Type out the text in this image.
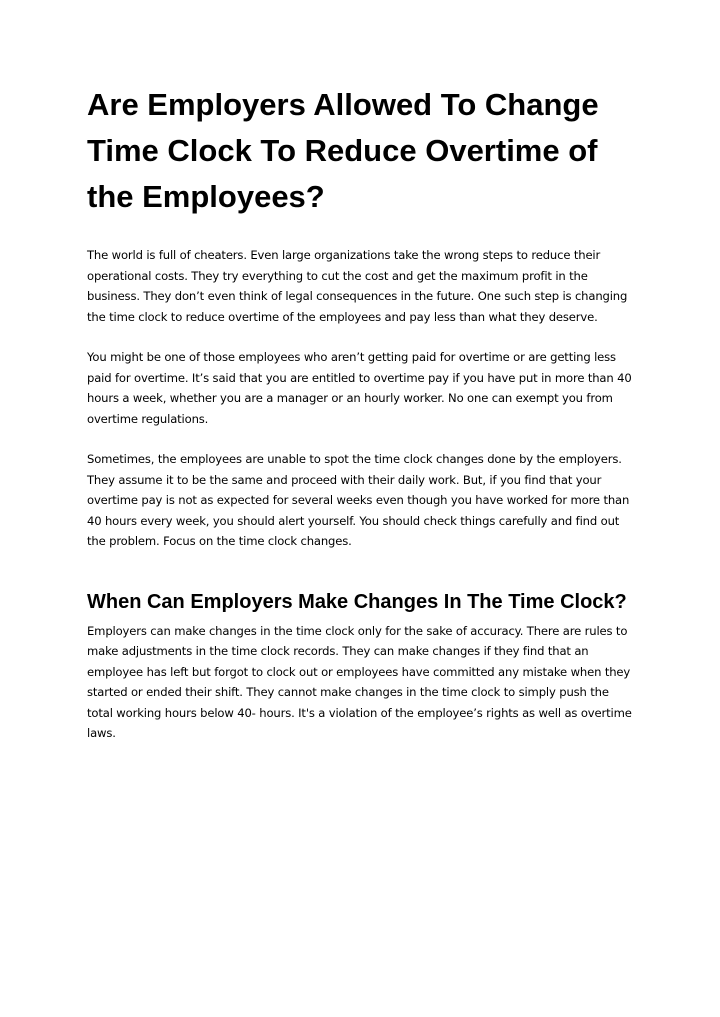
Are Employers Allowed To Change Time Clock To Reduce Overtime of the Employees?

The world is full of cheaters. Even large organizations take the wrong steps to reduce their operational costs. They try everything to cut the cost and get the maximum profit in the business. They don’t even think of legal consequences in the future. One such step is changing the time clock to reduce overtime of the employees and pay less than what they deserve.

You might be one of those employees who aren’t getting paid for overtime or are getting less paid for overtime. It’s said that you are entitled to overtime pay if you have put in more than 40 hours a week, whether you are a manager or an hourly worker. No one can exempt you from overtime regulations.

Sometimes, the employees are unable to spot the time clock changes done by the employers. They assume it to be the same and proceed with their daily work. But, if you find that your overtime pay is not as expected for several weeks even though you have worked for more than 40 hours every week, you should alert yourself. You should check things carefully and find out the problem. Focus on the time clock changes.

When Can Employers Make Changes In The Time Clock?

Employers can make changes in the time clock only for the sake of accuracy. There are rules to make adjustments in the time clock records. They can make changes if they find that an employee has left but forgot to clock out or employees have committed any mistake when they started or ended their shift. They cannot make changes in the time clock to simply push the total working hours below 40- hours. It's a violation of the employee’s rights as well as overtime laws.
